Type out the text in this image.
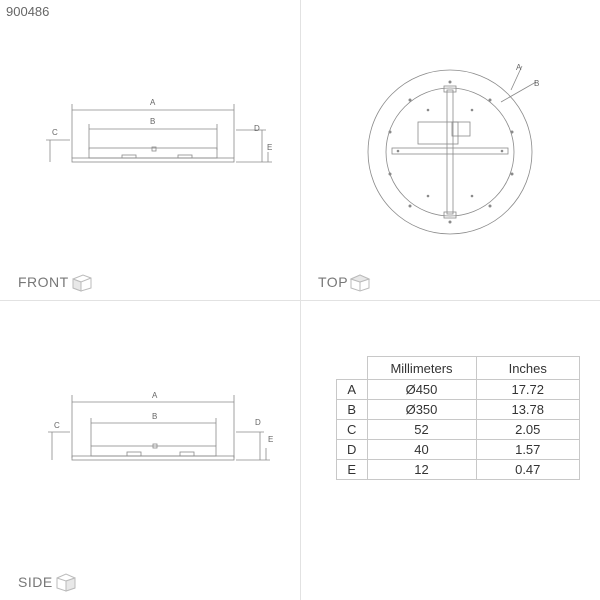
900486
A
B
C	D
E
FRONT
A
B
TOP
A
B
C	D
E
SIDE
	Millimeters	Inches
A	Ø450	17.72
B	Ø350	13.78
C	52	2.05
D	40	1.57
E	12	0.47
